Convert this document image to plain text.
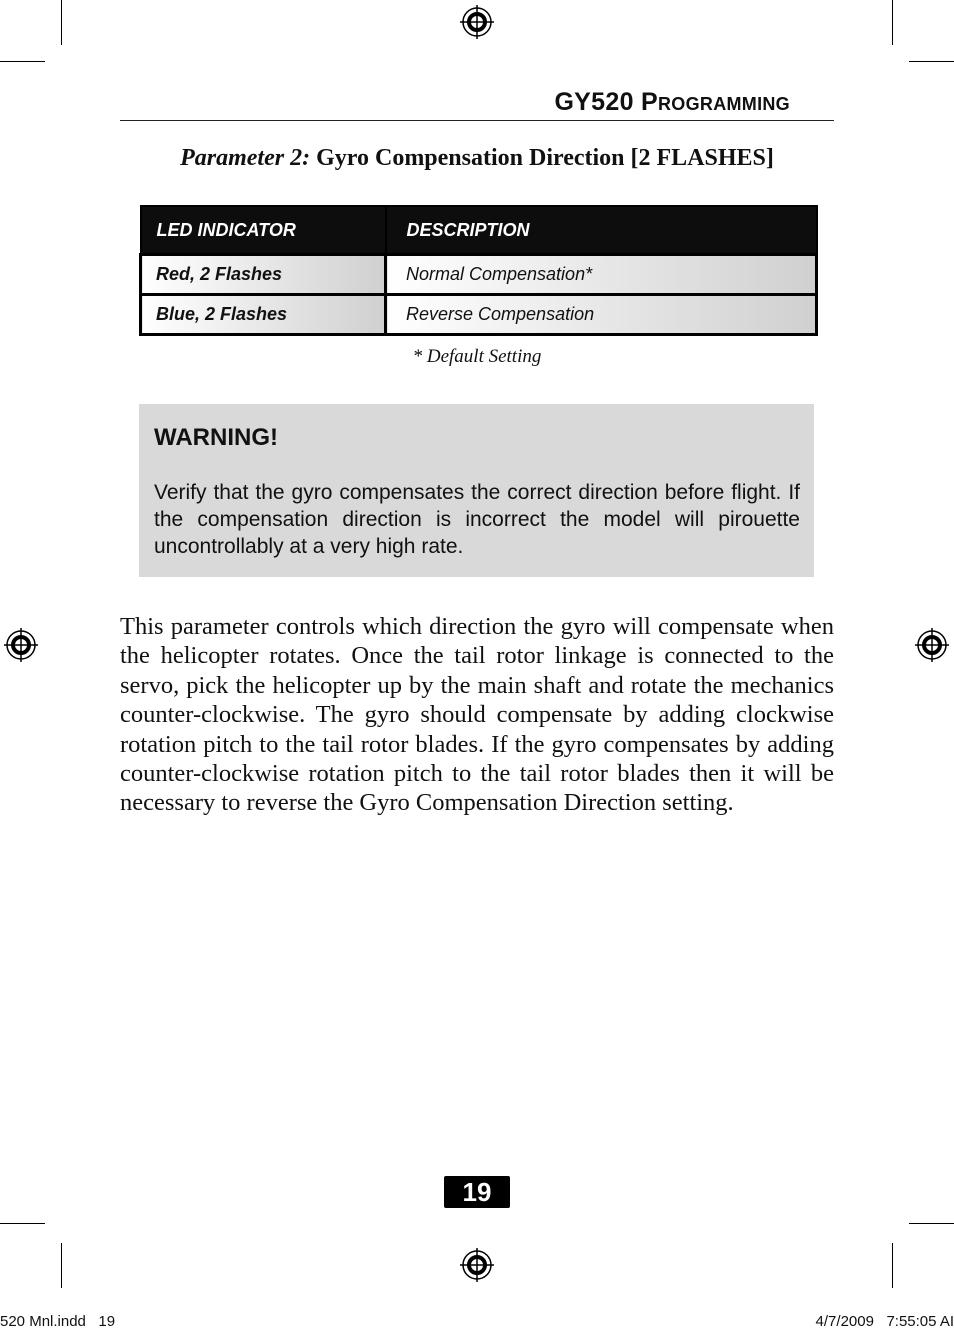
GY520 PROGRAMMING
Parameter 2: Gyro Compensation Direction [2 FLASHES]
LED INDICATOR	DESCRIPTION
Red, 2 Flashes	Normal Compensation*
Blue, 2 Flashes	Reverse Compensation
* Default Setting
WARNING!
Verify that the gyro compensates the correct direction before flight. If the compensation direction is incorrect the model will pirouette uncontrollably at a very high rate.
This parameter controls which direction the gyro will compensate when the helicopter rotates. Once the tail rotor linkage is connected to the servo, pick the helicopter up by the main shaft and rotate the mechanics counter-clockwise. The gyro should compensate by adding clockwise rotation pitch to the tail rotor blades. If the gyro compensates by adding counter-clockwise rotation pitch to the tail rotor blades then it will be necessary to reverse the Gyro Compensation Direction setting.
19
520 Mnl.indd   19	4/7/2009   7:55:05 AI
